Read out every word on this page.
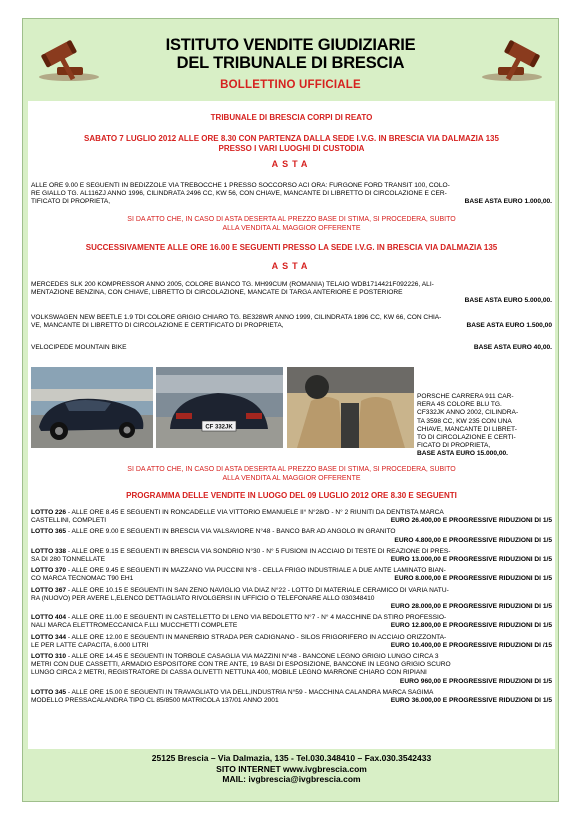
ISTITUTO VENDITE GIUDIZIARIE
DEL TRIBUNALE DI BRESCIA
BOLLETTINO UFFICIALE
TRIBUNALE DI BRESCIA CORPI DI REATO
SABATO 7 LUGLIO 2012 ALLE ORE 8.30 CON PARTENZA DALLA SEDE I.V.G. IN BRESCIA VIA DALMAZIA 135
PRESSO I VARI LUOGHI DI CUSTODIA
ASTA
ALLE ORE 9.00 E SEGUENTI IN BEDIZZOLE VIA TREBOCCHE 1 PRESSO SOCCORSO ACI ORA: FURGONE FORD TRANSIT 100, COLO-
RE GIALLO TG. AL116ZJ ANNO 1996, CILINDRATA 2496 CC, KW 56, CON CHIAVE, MANCANTE DI LIBRETTO DI CIRCOLAZIONE E CER-
TIFICATO DI PROPRIETA,	BASE ASTA EURO 1.000,00.
SI DA ATTO CHE, IN CASO DI ASTA DESERTA AL PREZZO BASE DI STIMA, SI PROCEDERA, SUBITO
ALLA VENDITA AL MAGGIOR OFFERENTE
SUCCESSIVAMENTE ALLE ORE 16.00 E SEGUENTI PRESSO LA SEDE I.V.G. IN BRESCIA VIA DALMAZIA 135
ASTA
MERCEDES SLK 200 KOMPRESSOR ANNO 2005, COLORE BIANCO TG. MH99CUM (ROMANIA) TELAIO WDB1714421F092226, ALI-
MENTAZIONE BENZINA, CON CHIAVE, LIBRETTO DI CIRCOLAZIONE, MANCATE DI TARGA ANTERIORE E POSTERIORE
BASE ASTA EURO 5.000,00.
VOLKSWAGEN NEW BEETLE 1.9 TDI COLORE GRIGIO CHIARO TG. BE328WR ANNO 1999, CILINDRATA 1896 CC, KW 66, CON CHIA-
VE, MANCANTE DI LIBRETTO DI CIRCOLAZIONE E CERTIFICATO DI PROPRIETA,	BASE ASTA EURO 1.500,00
VELOCIPEDE MOUNTAIN BIKE	BASE ASTA EURO 40,00.
CF 332JK
PORSCHE CARRERA 911 CAR-
RERA 4S COLORE BLU TG.
CF332JK ANNO 2002, CILINDRA-
TA 3598 CC, KW 235 CON UNA
CHIAVE, MANCANTE DI LIBRET-
TO DI CIRCOLAZIONE E CERTI-
FICATO DI PROPRIETA,
BASE ASTA EURO 15.000,00.
SI DA ATTO CHE, IN CASO DI ASTA DESERTA AL PREZZO BASE DI STIMA, SI PROCEDERA, SUBITO
ALLA VENDITA AL MAGGIOR OFFERENTE
PROGRAMMA DELLE VENDITE IN LUOGO DEL 09 LUGLIO 2012 ORE 8.30 E SEGUENTI
LOTTO 226 - ALLE ORE 8.45 E SEGUENTI IN RONCADELLE VIA VITTORIO EMANUELE II° N°28/D - N° 2 RIUNITI DA DENTISTA MARCA
CASTELLINI, COMPLETI	EURO 26.400,00 E PROGRESSIVE RIDUZIONI DI 1/5
LOTTO 365 - ALLE ORE 9.00 E SEGUENTI IN BRESCIA VIA VALSAVIORE N°48 - BANCO BAR AD ANGOLO IN GRANITO
EURO 4.800,00 E PROGRESSIVE RIDUZIONI DI 1/5
LOTTO 338 - ALLE ORE 9.15 E SEGUENTI IN BRESCIA VIA SONDRIO N°30 - N° 5 FUSIONI IN ACCIAIO DI TESTE DI REAZIONE DI PRES-
SA DI 280 TONNELLATE	EURO 13.000,00 E PROGRESSIVE RIDUZIONI DI 1/5
LOTTO 370 - ALLE ORE 9.45 E SEGUENTI IN MAZZANO VIA PUCCINI N°8 - CELLA FRIGO INDUSTRIALE A DUE ANTE LAMINATO BIAN-
CO MARCA TECNOMAC T90 EH1	EURO 8.000,00 E PROGRESSIVE RIDUZIONI DI 1/5
LOTTO 367 - ALLE ORE 10.15 E SEGUENTI IN SAN ZENO NAVIGLIO VIA DIAZ N°22 - LOTTO DI MATERIALE CERAMICO DI VARIA NATU-
RA (NUOVO) PER AVERE L,ELENCO DETTAGLIATO RIVOLGERSI IN UFFICIO O TELEFONARE ALLO 030348410
EURO 28.000,00 E PROGRESSIVE RIDUZIONI DI 1/5
LOTTO 404 - ALLE ORE 11.00 E SEGUENTI IN CASTELLETTO DI LENO VIA BEDOLETTO N°7 - N° 4 MACCHINE DA STIRO PROFESSIO-
NALI MARCA ELETTROMECCANICA F.LLI MUCCHETTI COMPLETE	EURO 12.800,00 E PROGRESSIVE RIDUZIONI DI 1/5
LOTTO 344 - ALLE ORE 12.00 E SEGUENTI IN MANERBIO STRADA PER CADIGNANO - SILOS FRIGORIFERO IN ACCIAIO ORIZZONTA-
LE PER LATTE CAPACITA, 6.000 LITRI	EURO 10.400,00 E PROGRESSIVE RIDUZIONI DI /15
LOTTO 310 - ALLE ORE 14.45 E SEGUENTI IN TORBOLE CASAGLIA VIA MAZZINI N°48 - BANCONE LEGNO GRIGIO LUNGO CIRCA 3
METRI CON DUE CASSETTI, ARMADIO ESPOSITORE CON TRE ANTE, 19 BASI DI ESPOSIZIONE, BANCONE IN LEGNO GRIGIO SCURO
LUNGO CIRCA 2 METRI, REGISTRATORE DI CASSA OLIVETTI NETTUNA 400, MOBILE LEGNO MARRONE CHIARO CON RIPIANI
EURO 960,00 E PROGRESSIVE RIDUZIONI DI 1/5
LOTTO 345 - ALLE ORE 15.00 E SEGUENTI IN TRAVAGLIATO VIA DELL,INDUSTRIA N°59 - MACCHINA CALANDRA MARCA SAGIMA
MODELLO PRESSACALANDRA TIPO CL 85/8500 MATRICOLA 137/01 ANNO 2001	EURO 36.000,00 E PROGRESSIVE RIDUZIONI DI 1/5
25125 Brescia – Via Dalmazia, 135 - Tel.030.348410 – Fax.030.3542433
SITO INTERNET www.ivgbrescia.com
MAIL: ivgbrescia@ivgbrescia.com
